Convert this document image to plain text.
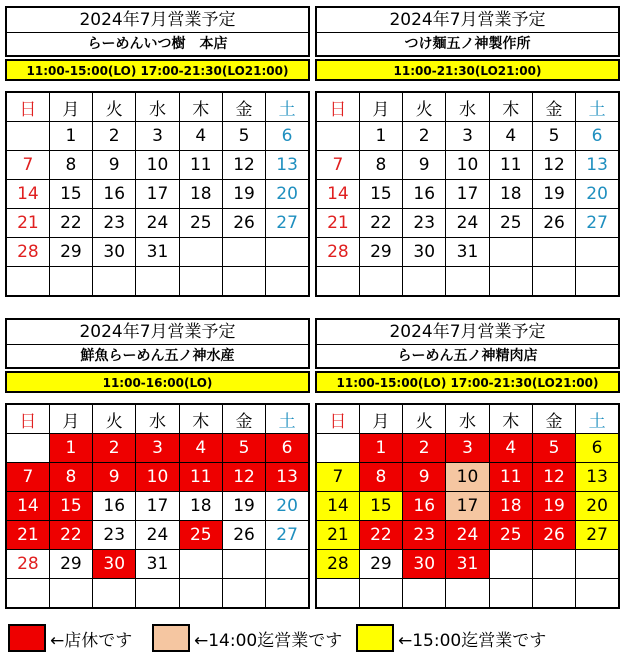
2024年7月営業予定
らーめんいつ樹　本店
11:00-15:00(LO) 17:00-21:30(LO21:00)
日	月	火	水	木	金	土
	1	2	3	4	5	6
7	8	9	10	11	12	13
14	15	16	17	18	19	20
21	22	23	24	25	26	27
28	29	30	31			

2024年7月営業予定
つけ麺五ノ神製作所
11:00-21:30(LO21:00)
日	月	火	水	木	金	土
	1	2	3	4	5	6
7	8	9	10	11	12	13
14	15	16	17	18	19	20
21	22	23	24	25	26	27
28	29	30	31			

2024年7月営業予定
鮮魚らーめん五ノ神水産
11:00-16:00(LO)
日	月	火	水	木	金	土
	1	2	3	4	5	6
7	8	9	10	11	12	13
14	15	16	17	18	19	20
21	22	23	24	25	26	27
28	29	30	31			

2024年7月営業予定
らーめん五ノ神精肉店
11:00-15:00(LO) 17:00-21:30(LO21:00)
日	月	火	水	木	金	土
	1	2	3	4	5	6
7	8	9	10	11	12	13
14	15	16	17	18	19	20
21	22	23	24	25	26	27
28	29	30	31			

←店休です	←14:00迄営業です	←15:00迄営業です
